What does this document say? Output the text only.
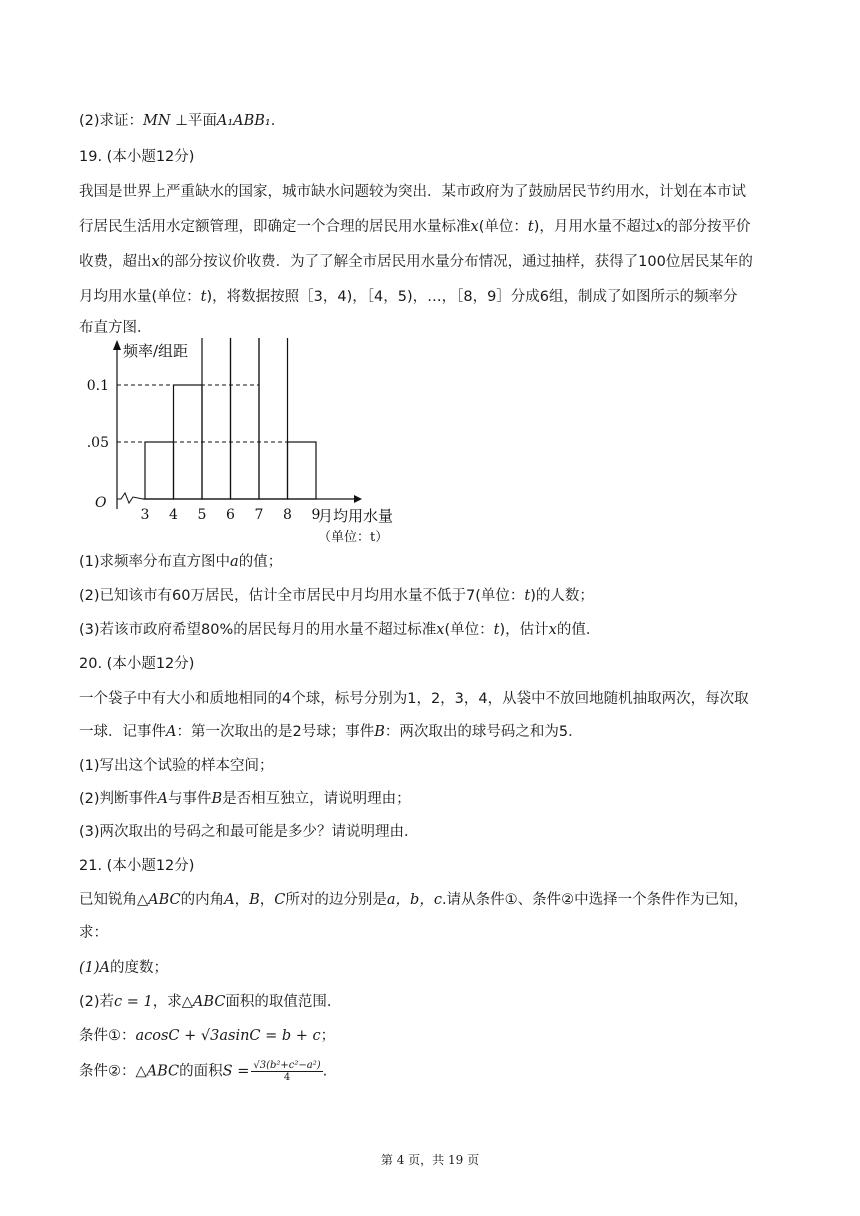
(2)求证：MN ⊥平面A₁ABB₁.
19. (本小题12分)
我国是世界上严重缺水的国家，城市缺水问题较为突出．某市政府为了鼓励居民节约用水，计划在本市试
行居民生活用水定额管理，即确定一个合理的居民用水量标准x(单位：t)，月用水量不超过x的部分按平价
收费，超出x的部分按议价收费．为了了解全市居民用水量分布情况，通过抽样，获得了100位居民某年的
月均用水量(单位：t)，将数据按照［3，4)，［4，5)，…，［8，9］分成6组，制成了如图所示的频率分
布直方图．
.05
0.1
3 4 5 6 7 8 9
O
频率/组距
月均用水量
（单位：t）
(1)求频率分布直方图中a的值；
(2)已知该市有60万居民，估计全市居民中月均用水量不低于7(单位：t)的人数；
(3)若该市政府希望80%的居民每月的用水量不超过标准x(单位：t)，估计x的值．
20. (本小题12分)
一个袋子中有大小和质地相同的4个球，标号分别为1，2，3，4，从袋中不放回地随机抽取两次，每次取
一球．记事件A：第一次取出的是2号球；事件B：两次取出的球号码之和为5．
(1)写出这个试验的样本空间；
(2)判断事件A与事件B是否相互独立，请说明理由；
(3)两次取出的号码之和最可能是多少？请说明理由．
21. (本小题12分)
已知锐角△ABC的内角A，B，C所对的边分别是a，b，c.请从条件①、条件②中选择一个条件作为已知，
求：
(1)A的度数；
(2)若c = 1，求△ABC面积的取值范围．
条件①：acosC + √3asinC = b + c；
条件②：△ABC的面积$S = \frac{\text{√3(b²+c²−a²)}}{4}$ .
第 4 页，共 19 页
